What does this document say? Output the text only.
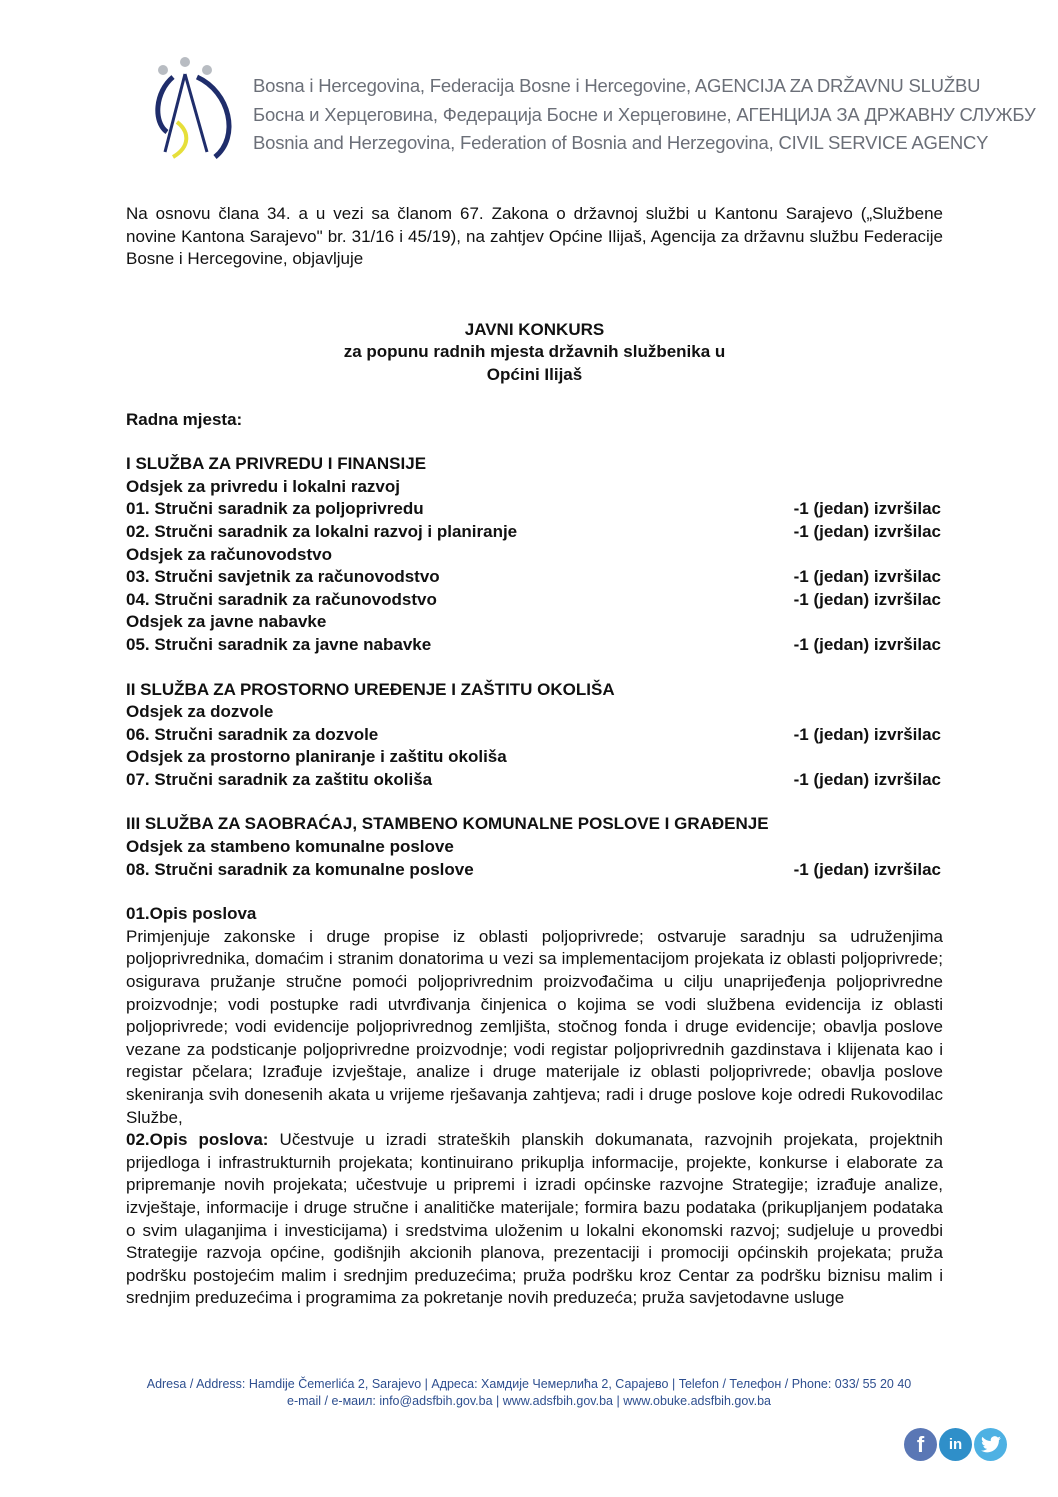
Bosna i Hercegovina, Federacija Bosne i Hercegovine, AGENCIJA ZA DRŽAVNU SLUŽBU
Босна и Херцеговина, Федерација Босне и Херцеговине, АГЕНЦИЈА ЗА ДРЖАВНУ СЛУЖБУ
Bosnia and Herzegovina, Federation of Bosnia and Herzegovina, CIVIL SERVICE AGENCY

Na osnovu člana 34. a u vezi sa članom 67. Zakona o državnoj službi u Kantonu Sarajevo („Službene novine Kantona Sarajevo" br. 31/16 i 45/19), na zahtjev Općine Ilijaš, Agencija za državnu službu Federacije Bosne i Hercegovine, objavljuje

JAVNI KONKURS
za popunu radnih mjesta državnih službenika u
Općini Ilijaš
Radna mjesta:
I SLUŽBA ZA PRIVREDU I FINANSIJE
Odsjek za privredu i lokalni razvoj
01. Stručni saradnik za poljoprivredu	-1 (jedan) izvršilac
02. Stručni saradnik za lokalni razvoj i planiranje	-1 (jedan) izvršilac
Odsjek za računovodstvo
03. Stručni savjetnik za računovodstvo	-1 (jedan) izvršilac
04. Stručni saradnik za računovodstvo	-1 (jedan) izvršilac
Odsjek za javne nabavke
05. Stručni saradnik za javne nabavke	-1 (jedan) izvršilac
II SLUŽBA ZA PROSTORNO UREĐENJE I ZAŠTITU OKOLIŠA
Odsjek za dozvole
06. Stručni saradnik za dozvole	-1 (jedan) izvršilac
Odsjek za prostorno planiranje i zaštitu okoliša
07. Stručni saradnik za zaštitu okoliša	-1 (jedan) izvršilac
III SLUŽBA ZA SAOBRAĆAJ, STAMBENO KOMUNALNE POSLOVE I GRAĐENJE
Odsjek za stambeno komunalne poslove
08. Stručni saradnik za komunalne poslove	-1 (jedan) izvršilac
01.Opis poslova

Primjenjuje zakonske i druge propise iz oblasti poljoprivrede; ostvaruje saradnju sa udruženjima poljoprivrednika, domaćim i stranim donatorima u vezi sa implementacijom projekata iz oblasti poljoprivrede; osigurava pružanje stručne pomoći poljoprivrednim proizvođačima u cilju unapriјeđenja poljoprivredne proizvodnje; vodi postupke radi utvrđivanja činjenica o kojima se vodi službena evidencija iz oblasti poljoprivrede; vodi evidencije poljoprivrednog zemljišta, stočnog fonda i druge evidencije; obavlja poslove vezane za podsticanje poljoprivredne proizvodnje; vodi registar poljoprivrednih gazdinstava i klijenata kao i registar pčelara; Izrađuje izvještaje, analize i druge materijale iz oblasti poljoprivrede; obavlja poslove skeniranja svih donesenih akata u vrijeme rješavanja zahtjeva; radi i druge poslove koje odredi Rukovodilac Službe,

02.Opis poslova: Učestvuje u izradi strateških planskih dokumanata, razvojnih projekata, projektnih prijedloga i infrastrukturnih projekata; kontinuirano prikuplja informacije, projekte, konkurse i elaborate za pripremanje novih projekata; učestvuje u pripremi i izradi općinske razvojne Strategije; izrađuje analize, izvještaje, informacije i druge stručne i analitičke materijale; formira bazu podataka (prikupljanjem podataka o svim ulaganjima i investicijama) i sredstvima uloženim u lokalni ekonomski razvoj; sudjeluje u provedbi Strategije razvoja općine, godišnjih akcionih planova, prezentaciji i promociji općinskih projekata; pruža podršku postojećim malim i srednjim preduzećima; pruža podršku kroz Centar za podršku biznisu malim i srednjim preduzećima i programima za pokretanje novih preduzeća; pruža savjetodavne usluge

Adresa / Address: Hamdije Čemerlića 2, Sarajevo | Адреса: Хамдије Чемерлића 2, Сарајево | Telefon / Телефон / Phone: 033/ 55 20 40
e-mail / е-маил: info@adsfbih.gov.ba | www.adsfbih.gov.ba | www.obuke.adsfbih.gov.ba
f	in
